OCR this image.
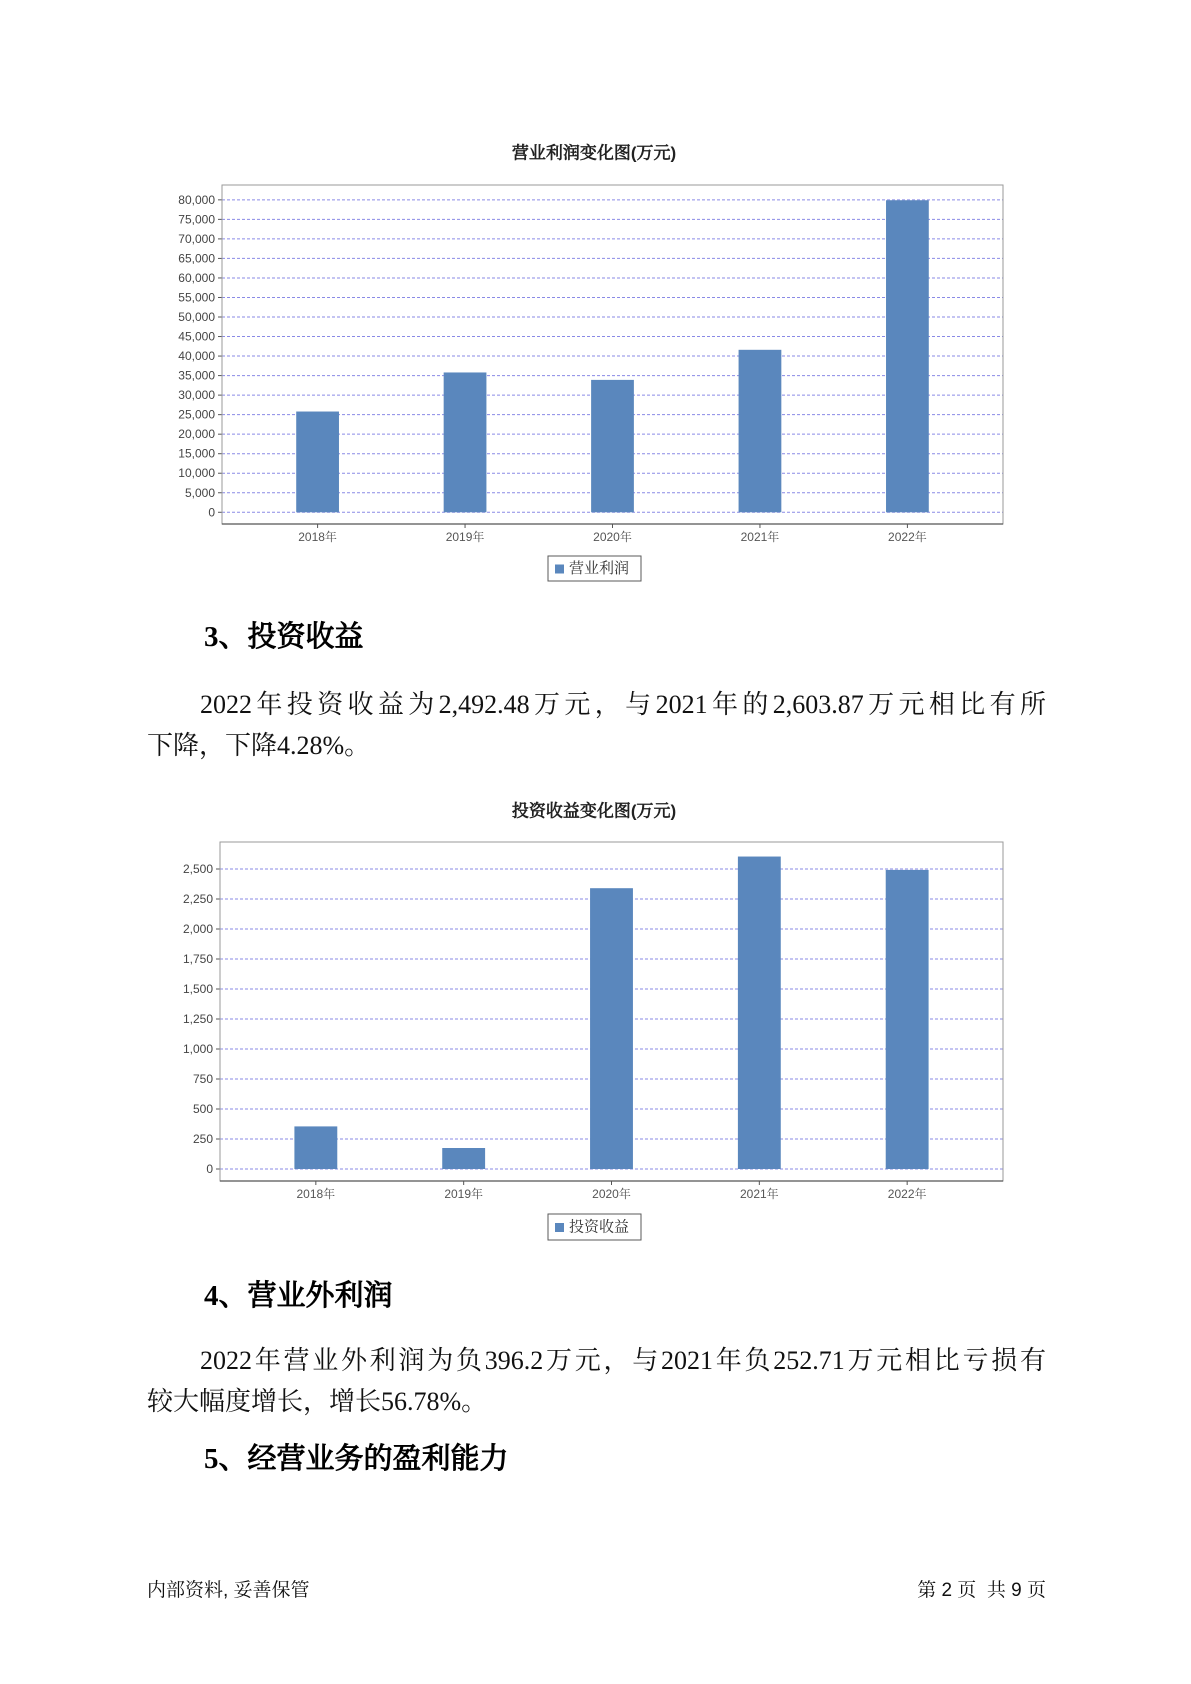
营业利润变化图(万元)
0
5,000
10,000
15,000
20,000
25,000
30,000
35,000
40,000
45,000
50,000
55,000
60,000
65,000
70,000
75,000
80,000
2018年	2019年	2020年	2021年	2022年
营业利润
3、投资收益
2022年投资收益为2,492.48万元，与2021年的2,603.87万元相比有所
下降，下降4.28%。
投资收益变化图(万元)
0
250
500
750
1,000
1,250
1,500
1,750
2,000
2,250
2,500
2018年	2019年	2020年	2021年	2022年
投资收益
4、营业外利润
2022年营业外利润为负396.2万元，与2021年负252.71万元相比亏损有
较大幅度增长，增长56.78%。
5、经营业务的盈利能力
内部资料, 妥善保管	第 2 页  共 9 页
